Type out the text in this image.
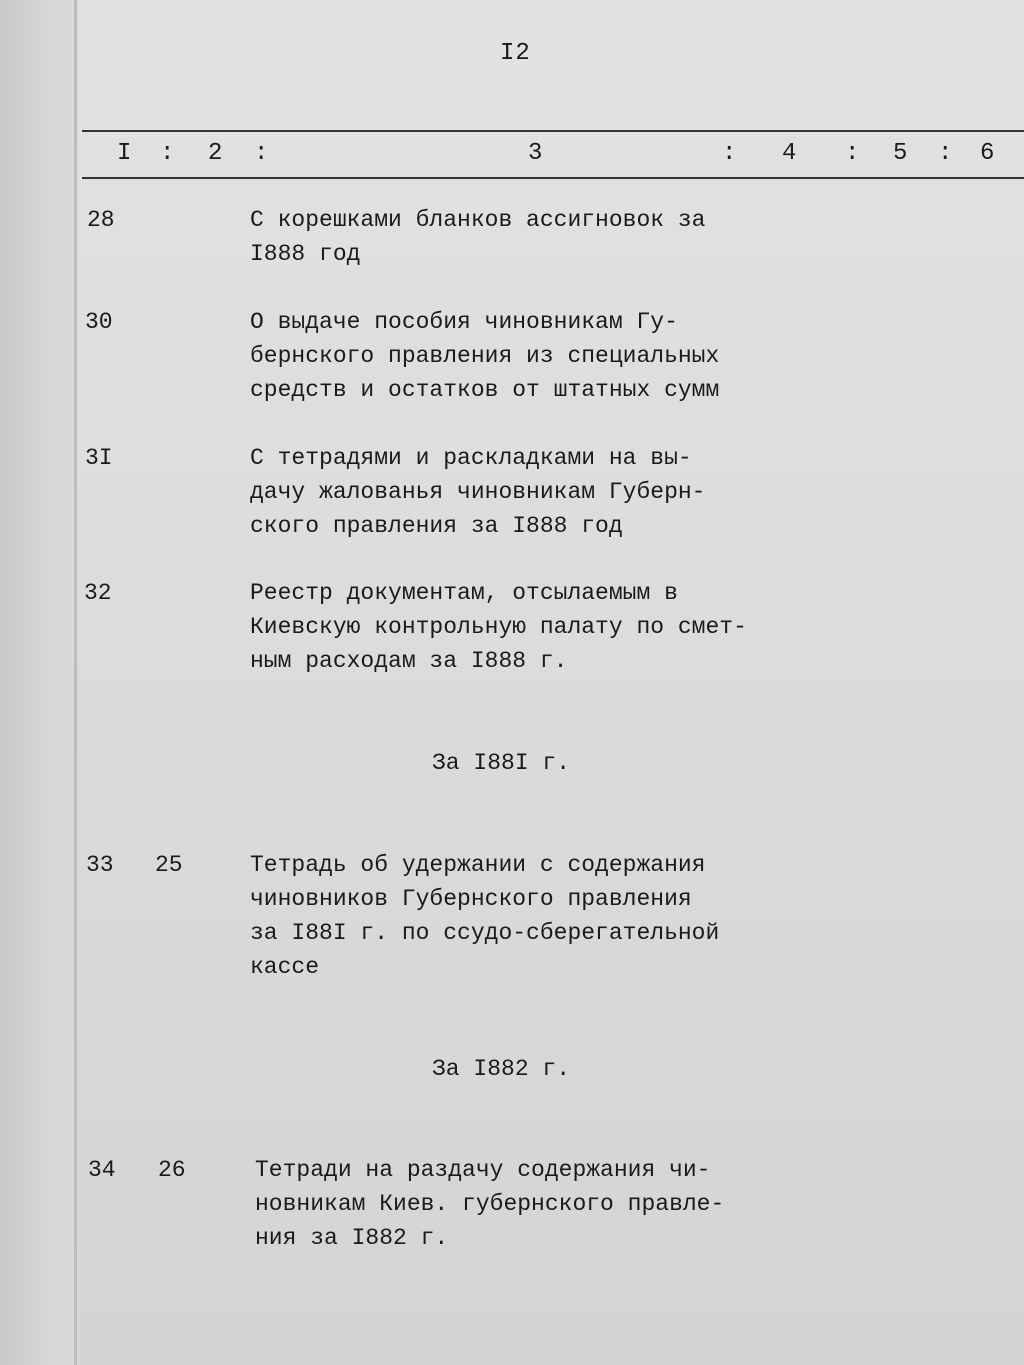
I2
I : 2 :	3	: 4 : 5 : 6
28	С корешками бланков ассигновок за
I888 год
30	О выдаче пособия чиновникам Гу-
бернского правления из специальных
средств и остатков от штатных сумм
3I	С тетрадями и раскладками на вы-
дачу жалованья чиновникам Губерн-
ского правления за I888 год
32	Реестр документам, отсылаемым в
Киевскую контрольную палату по смет-
ным расходам за I888 г.
За I88I г.
33 25	Тетрадь об удержании с содержания
чиновников Губернского правления
за I88I г. по ссудо-сберегательной
кассе
За I882 г.
34 26	Тетради на раздачу содержания чи-
новникам Киев. губернского правле-
ния за I882 г.
